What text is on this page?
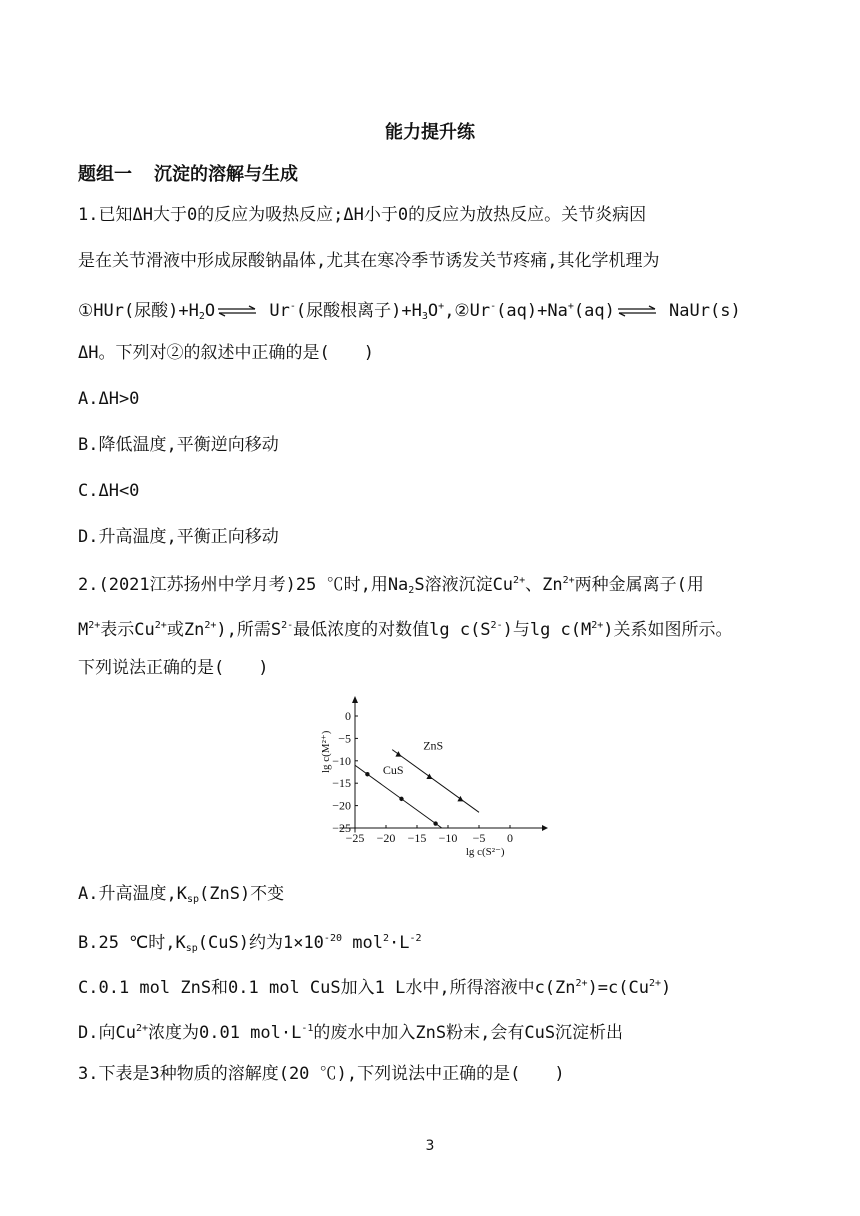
能力提升练
题组一 沉淀的溶解与生成
1.已知ΔH大于0的反应为吸热反应;ΔH小于0的反应为放热反应。关节炎病因
是在关节滑液中形成尿酸钠晶体,尤其在寒冷季节诱发关节疼痛,其化学机理为
①HUr(尿酸)$+H_2O$ ⇌ Ur-(尿酸根离子)$+H_3O^+,②Ur^-(aq)+Na^+(aq)$ ⇌ NaUr(s)
ΔH。下列对②的叙述中正确的是(　　)
A.ΔH>0
B.降低温度,平衡逆向移动
C.ΔH<0
D.升高温度,平衡正向移动
2.(2021江苏扬州中学月考)25 ℃时,用$Na_2S$溶液沉淀$Cu^{2+}$、$Zn^{2+}$两种金属离子(用
$M^{2+}$表示$Cu^{2+}$或$Zn^{2+}$),所需$S^{2-}$最低浓度的对数值$\lg c(S^{2-})$与$\lg c(M^{2+})$关系如图所示。
下列说法正确的是(　　)
−25 −20 −15 −10 −5 0
0
−5
−10
−15
−20
−25
lg c(M²⁺)
lg c(S²⁻)
ZnS
CuS
A.升高温度$,K_{sp}(ZnS)$不变
B.25 ℃时$,K_{sp}(CuS)$约为$1\times 10^{-20}$ $mol^2\cdot L^{-2}$
C.0.1 mol ZnS和0.1 mol CuS加入1 L水中,所得溶液中$c(Zn^{2+})=c(Cu^{2+})$
D.向$Cu^{2+}$浓度为0.01 $mol\cdot L^{-1}$的废水中加入ZnS粉末,会有CuS沉淀析出
3.下表是3种物质的溶解度(20 ℃),下列说法中正确的是(　　)
3
